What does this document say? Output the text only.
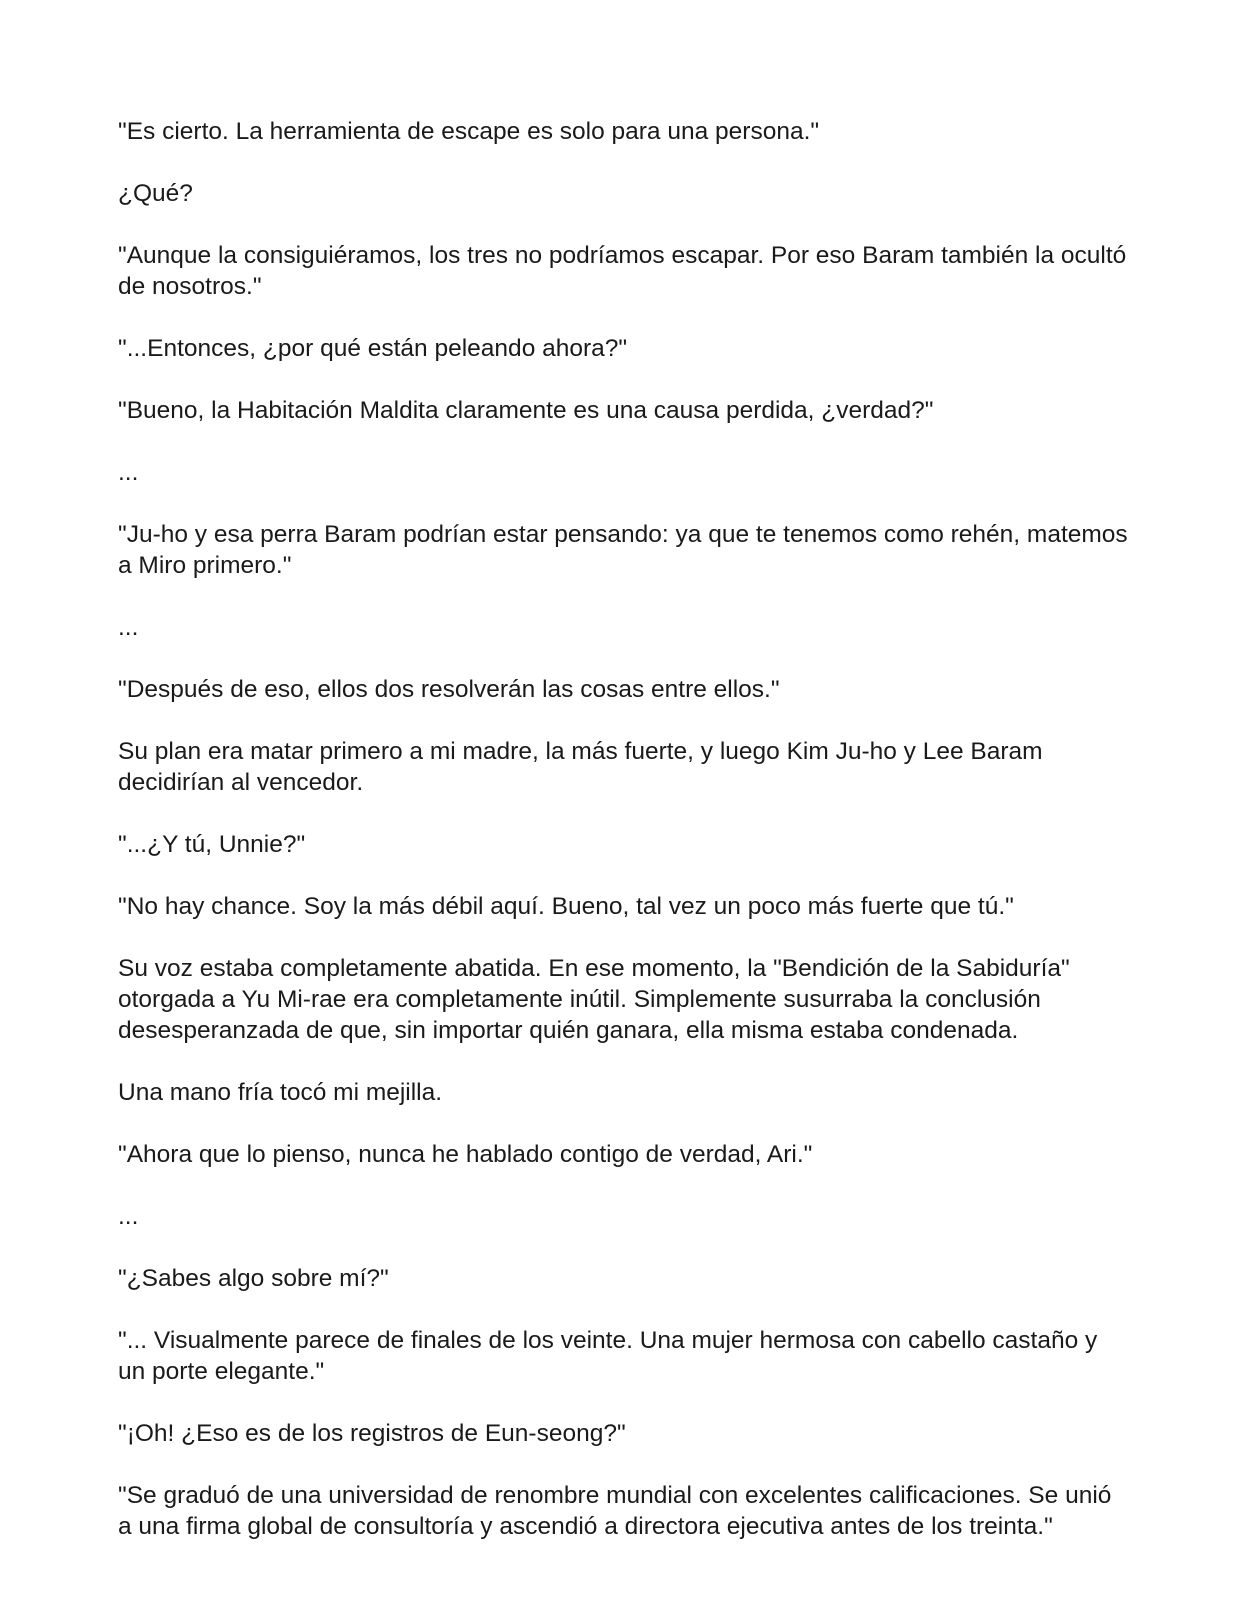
"Es cierto. La herramienta de escape es solo para una persona."

¿Qué?

"Aunque la consiguiéramos, los tres no podríamos escapar. Por eso Baram también la ocultó de nosotros."

"...Entonces, ¿por qué están peleando ahora?"

"Bueno, la Habitación Maldita claramente es una causa perdida, ¿verdad?"

...

"Ju-ho y esa perra Baram podrían estar pensando: ya que te tenemos como rehén, matemos a Miro primero."

...

"Después de eso, ellos dos resolverán las cosas entre ellos."

Su plan era matar primero a mi madre, la más fuerte, y luego Kim Ju-ho y Lee Baram decidirían al vencedor.

"...¿Y tú, Unnie?"

"No hay chance. Soy la más débil aquí. Bueno, tal vez un poco más fuerte que tú."

Su voz estaba completamente abatida. En ese momento, la "Bendición de la Sabiduría" otorgada a Yu Mi-rae era completamente inútil. Simplemente susurraba la conclusión desesperanzada de que, sin importar quién ganara, ella misma estaba condenada.

Una mano fría tocó mi mejilla.

"Ahora que lo pienso, nunca he hablado contigo de verdad, Ari."

...

"¿Sabes algo sobre mí?"

"... Visualmente parece de finales de los veinte. Una mujer hermosa con cabello castaño y un porte elegante."

"¡Oh! ¿Eso es de los registros de Eun-seong?"

"Se graduó de una universidad de renombre mundial con excelentes calificaciones. Se unió a una firma global de consultoría y ascendió a directora ejecutiva antes de los treinta."
